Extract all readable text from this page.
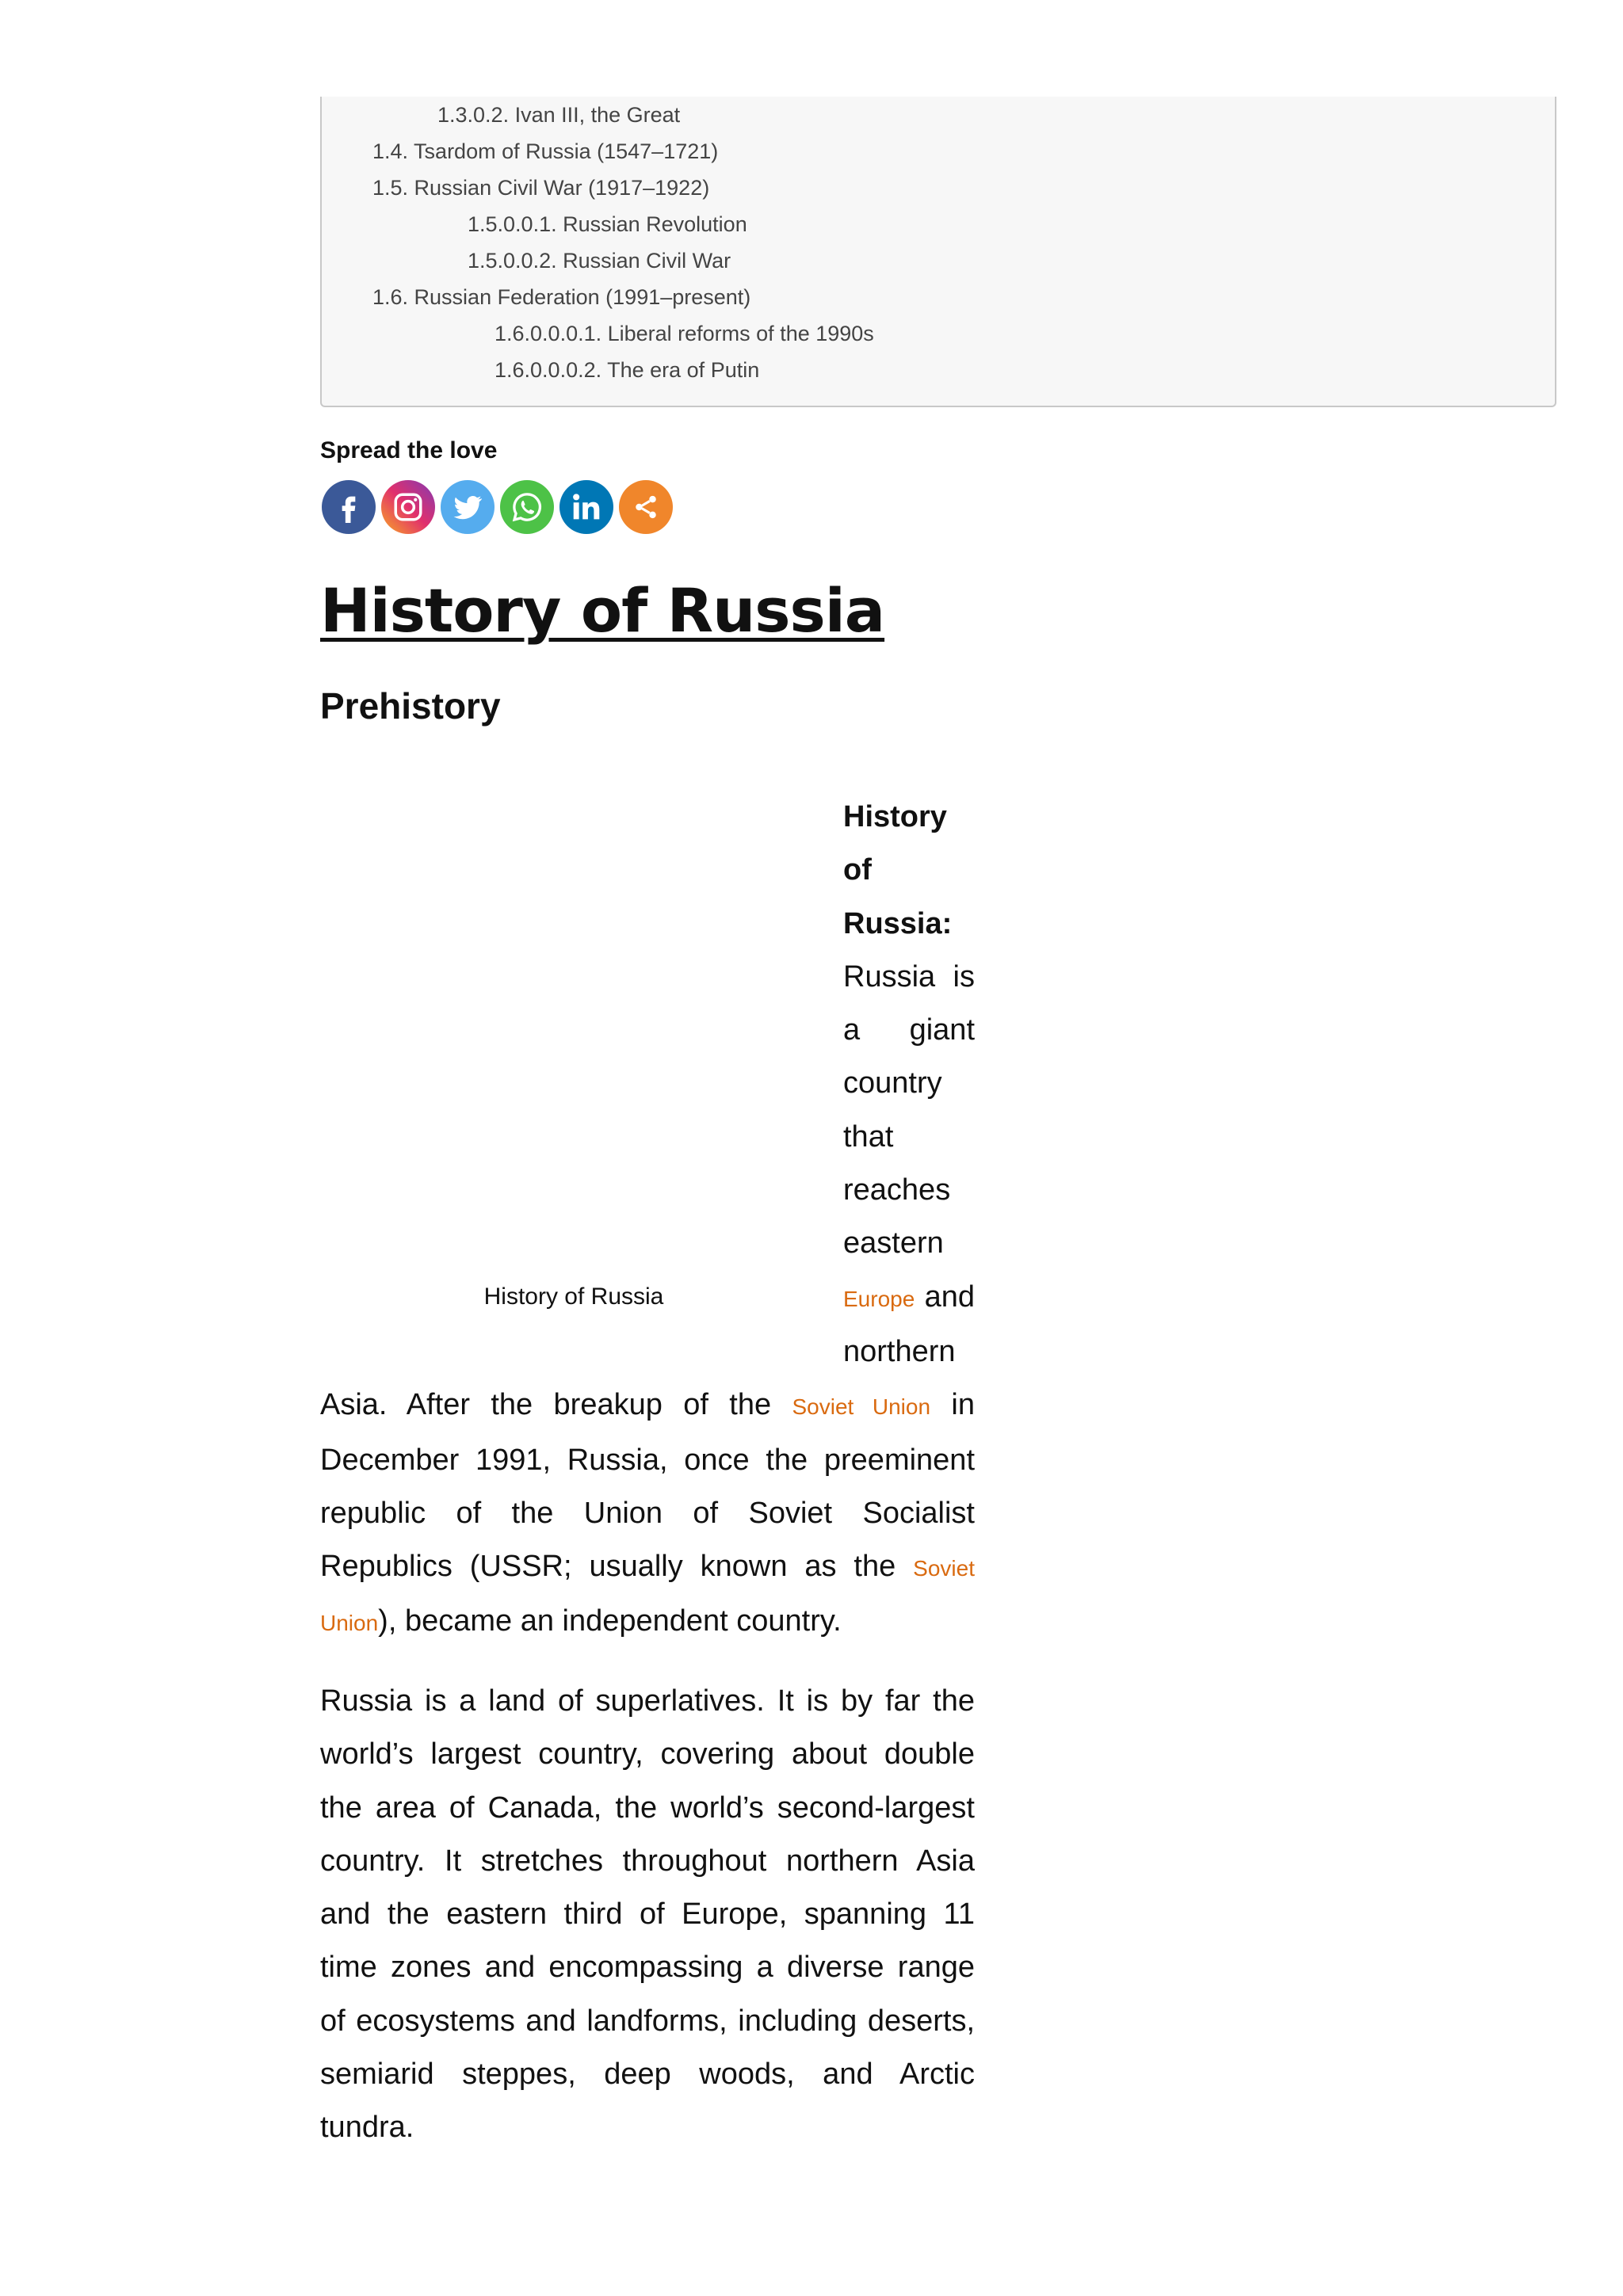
1.3.0.2. Ivan III, the Great
1.4. Tsardom of Russia (1547–1721)
1.5. Russian Civil War (1917–1922)
1.5.0.0.1. Russian Revolution
1.5.0.0.2. Russian Civil War
1.6. Russian Federation (1991–present)
1.6.0.0.0.1. Liberal reforms of the 1990s
1.6.0.0.0.2. The era of Putin
Spread the love
History of Russia
Prehistory
History of Russia

History of Russia: Russia is a giant country that reaches eastern Europe and northern Asia. After the breakup of the Soviet Union in December 1991, Russia, once the preeminent republic of the Union of Soviet Socialist Republics (USSR; usually known as the Soviet Union), became an independent country.

Russia is a land of superlatives. It is by far the world’s largest country, covering about double the area of Canada, the world’s second-largest country. It stretches throughout northern Asia and the eastern third of Europe, spanning 11 time zones and encompassing a diverse range of ecosystems and landforms, including deserts, semiarid steppes, deep woods, and Arctic tundra.
